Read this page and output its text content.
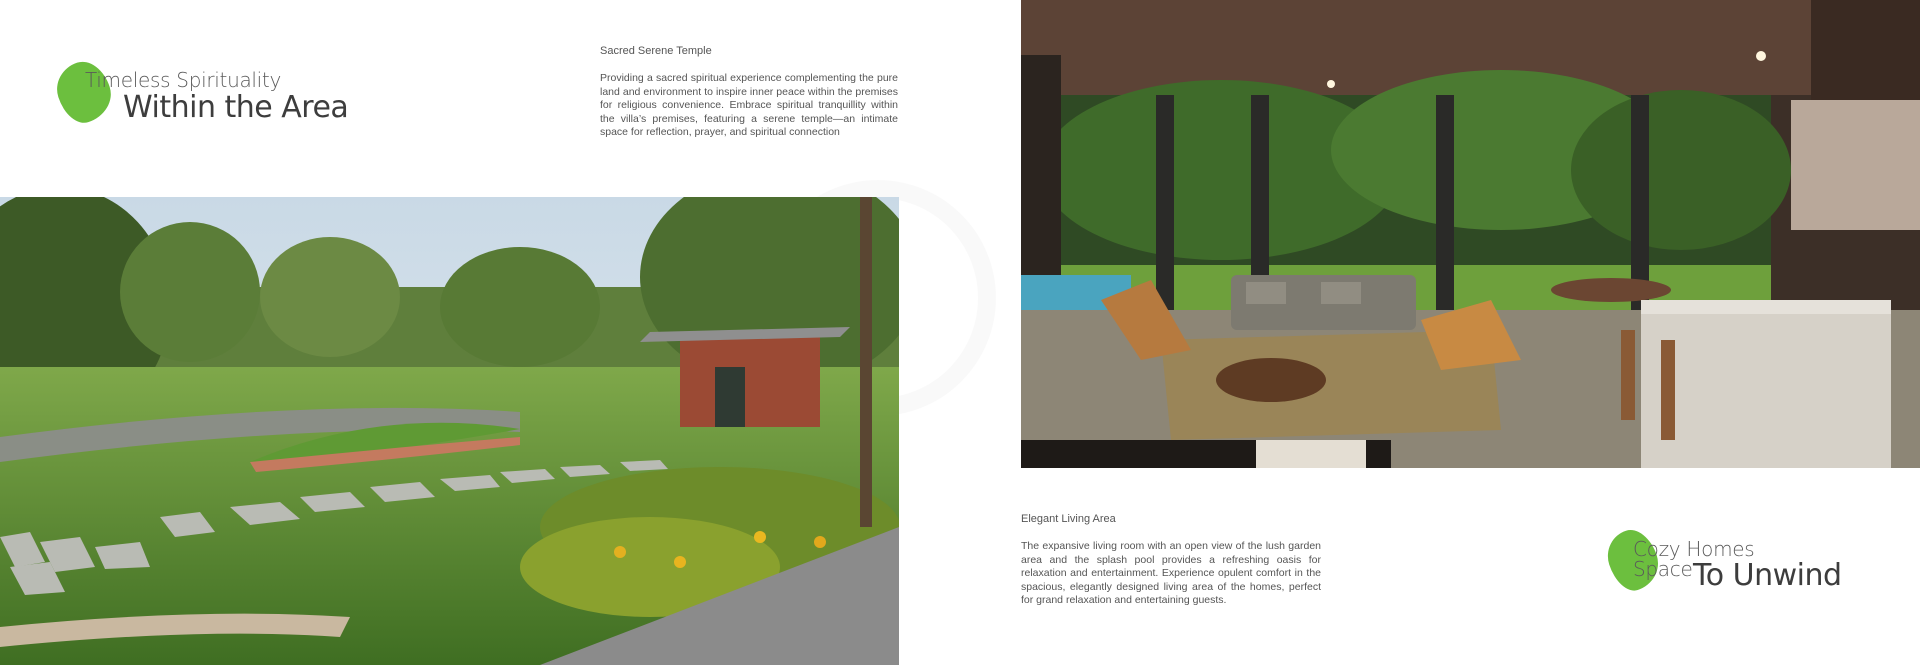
Timeless Spirituality
Within the Area
Sacred Serene Temple
Providing a sacred spiritual experience complementing the pure land and environment to inspire inner peace within the premises for religious convenience. Embrace spiritual tranquillity within the villa’s premises, featuring a serene temple—an intimate space for reflection, prayer, and spiritual connection
Elegant Living Area
The expansive living room with an open view of the lush garden area and the splash pool provides a refreshing oasis for relaxation and entertainment. Experience opulent comfort in the spacious, elegantly designed living area of the homes, perfect for grand relaxation and entertaining guests.
Cozy Homes
Space To Unwind
